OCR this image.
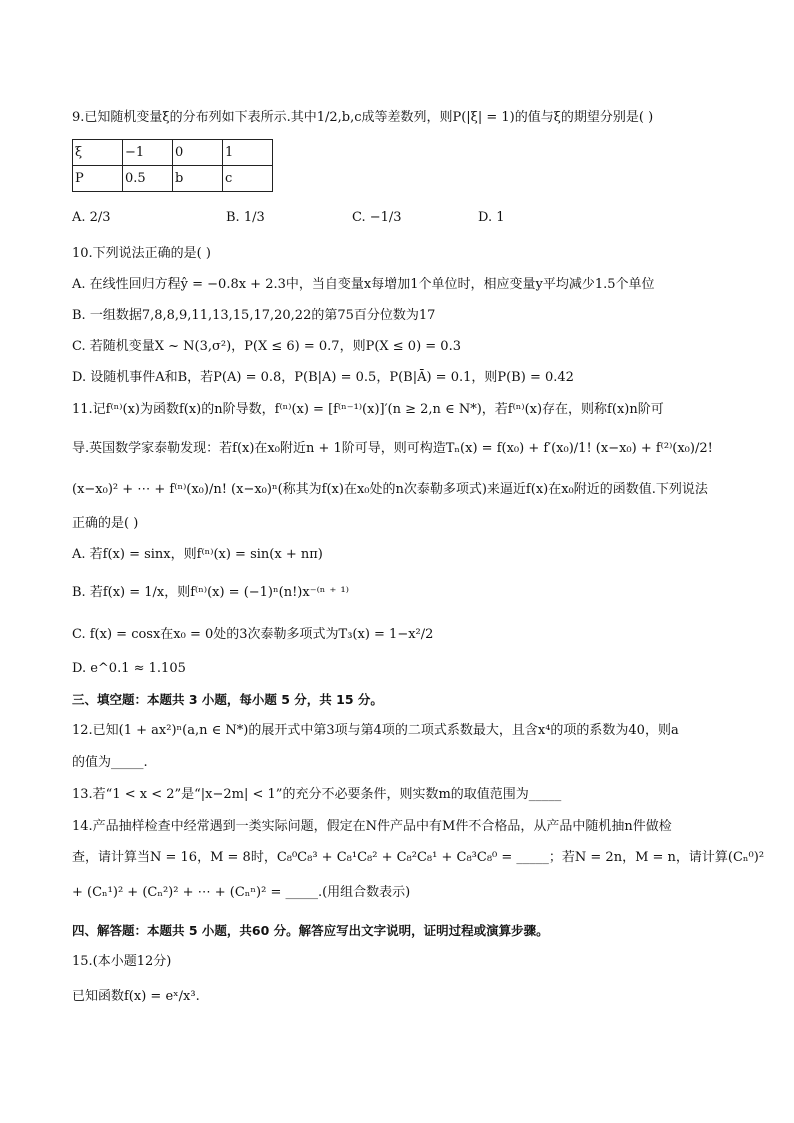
9.已知随机变量ξ的分布列如下表所示.其中1/2,b,c成等差数列，则P(|ξ| = 1)的值与ξ的期望分别是( )
ξ	−1	0	1
P	0.5	b	c
A. 2/3	B. 1/3	C. −1/3	D. 1
10.下列说法正确的是( )
A. 在线性回归方程ŷ = −0.8x + 2.3中，当自变量x每增加1个单位时，相应变量y平均减少1.5个单位
B. 一组数据7,8,8,9,11,13,15,17,20,22的第75百分位数为17
C. 若随机变量X ~ N(3,σ²)，P(X ≤ 6) = 0.7，则P(X ≤ 0) = 0.3
D. 设随机事件A和B，若P(A) = 0.8，P(B|A) = 0.5，P(B|Ā) = 0.1，则P(B) = 0.42
11.记f⁽ⁿ⁾(x)为函数f(x)的n阶导数，f⁽ⁿ⁾(x) = [f⁽ⁿ⁻¹⁾(x)]′(n ≥ 2,n ∈ N*)，若f⁽ⁿ⁾(x)存在，则称f(x)n阶可
导.英国数学家泰勒发现：若f(x)在x₀附近n + 1阶可导，则可构造Tₙ(x) = f(x₀) + f′(x₀)/1! (x−x₀) + f⁽²⁾(x₀)/2!
(x−x₀)² + ⋯ + f⁽ⁿ⁾(x₀)/n! (x−x₀)ⁿ(称其为f(x)在x₀处的n次泰勒多项式)来逼近f(x)在x₀附近的函数值.下列说法
正确的是( )
A. 若f(x) = sinx，则f⁽ⁿ⁾(x) = sin(x + nπ)
B. 若f(x) = 1/x，则f⁽ⁿ⁾(x) = (−1)ⁿ(n!)x⁻⁽ⁿ ⁺ ¹⁾
C. f(x) = cosx在x₀ = 0处的3次泰勒多项式为T₃(x) = 1−x²/2
D. e^0.1 ≈ 1.105
三、填空题：本题共 3 小题，每小题 5 分，共 15 分。
12.已知(1 + ax²)ⁿ(a,n ∈ N*)的展开式中第3项与第4项的二项式系数最大，且含x⁴的项的系数为40，则a
的值为_____.
13.若“1 < x < 2”是“|x−2m| < 1”的充分不必要条件，则实数m的取值范围为_____
14.产品抽样检查中经常遇到一类实际问题，假定在N件产品中有M件不合格品，从产品中随机抽n件做检
查，请计算当N = 16，M = 8时，C₈⁰C₈³ + C₈¹C₈² + C₈²C₈¹ + C₈³C₈⁰ = _____；若N = 2n，M = n，请计算(Cₙ⁰)²
+ (Cₙ¹)² + (Cₙ²)² + ⋯ + (Cₙⁿ)² = _____.(用组合数表示)
四、解答题：本题共 5 小题，共60 分。解答应写出文字说明，证明过程或演算步骤。
15.(本小题12分)
已知函数f(x) = eˣ/x³.
